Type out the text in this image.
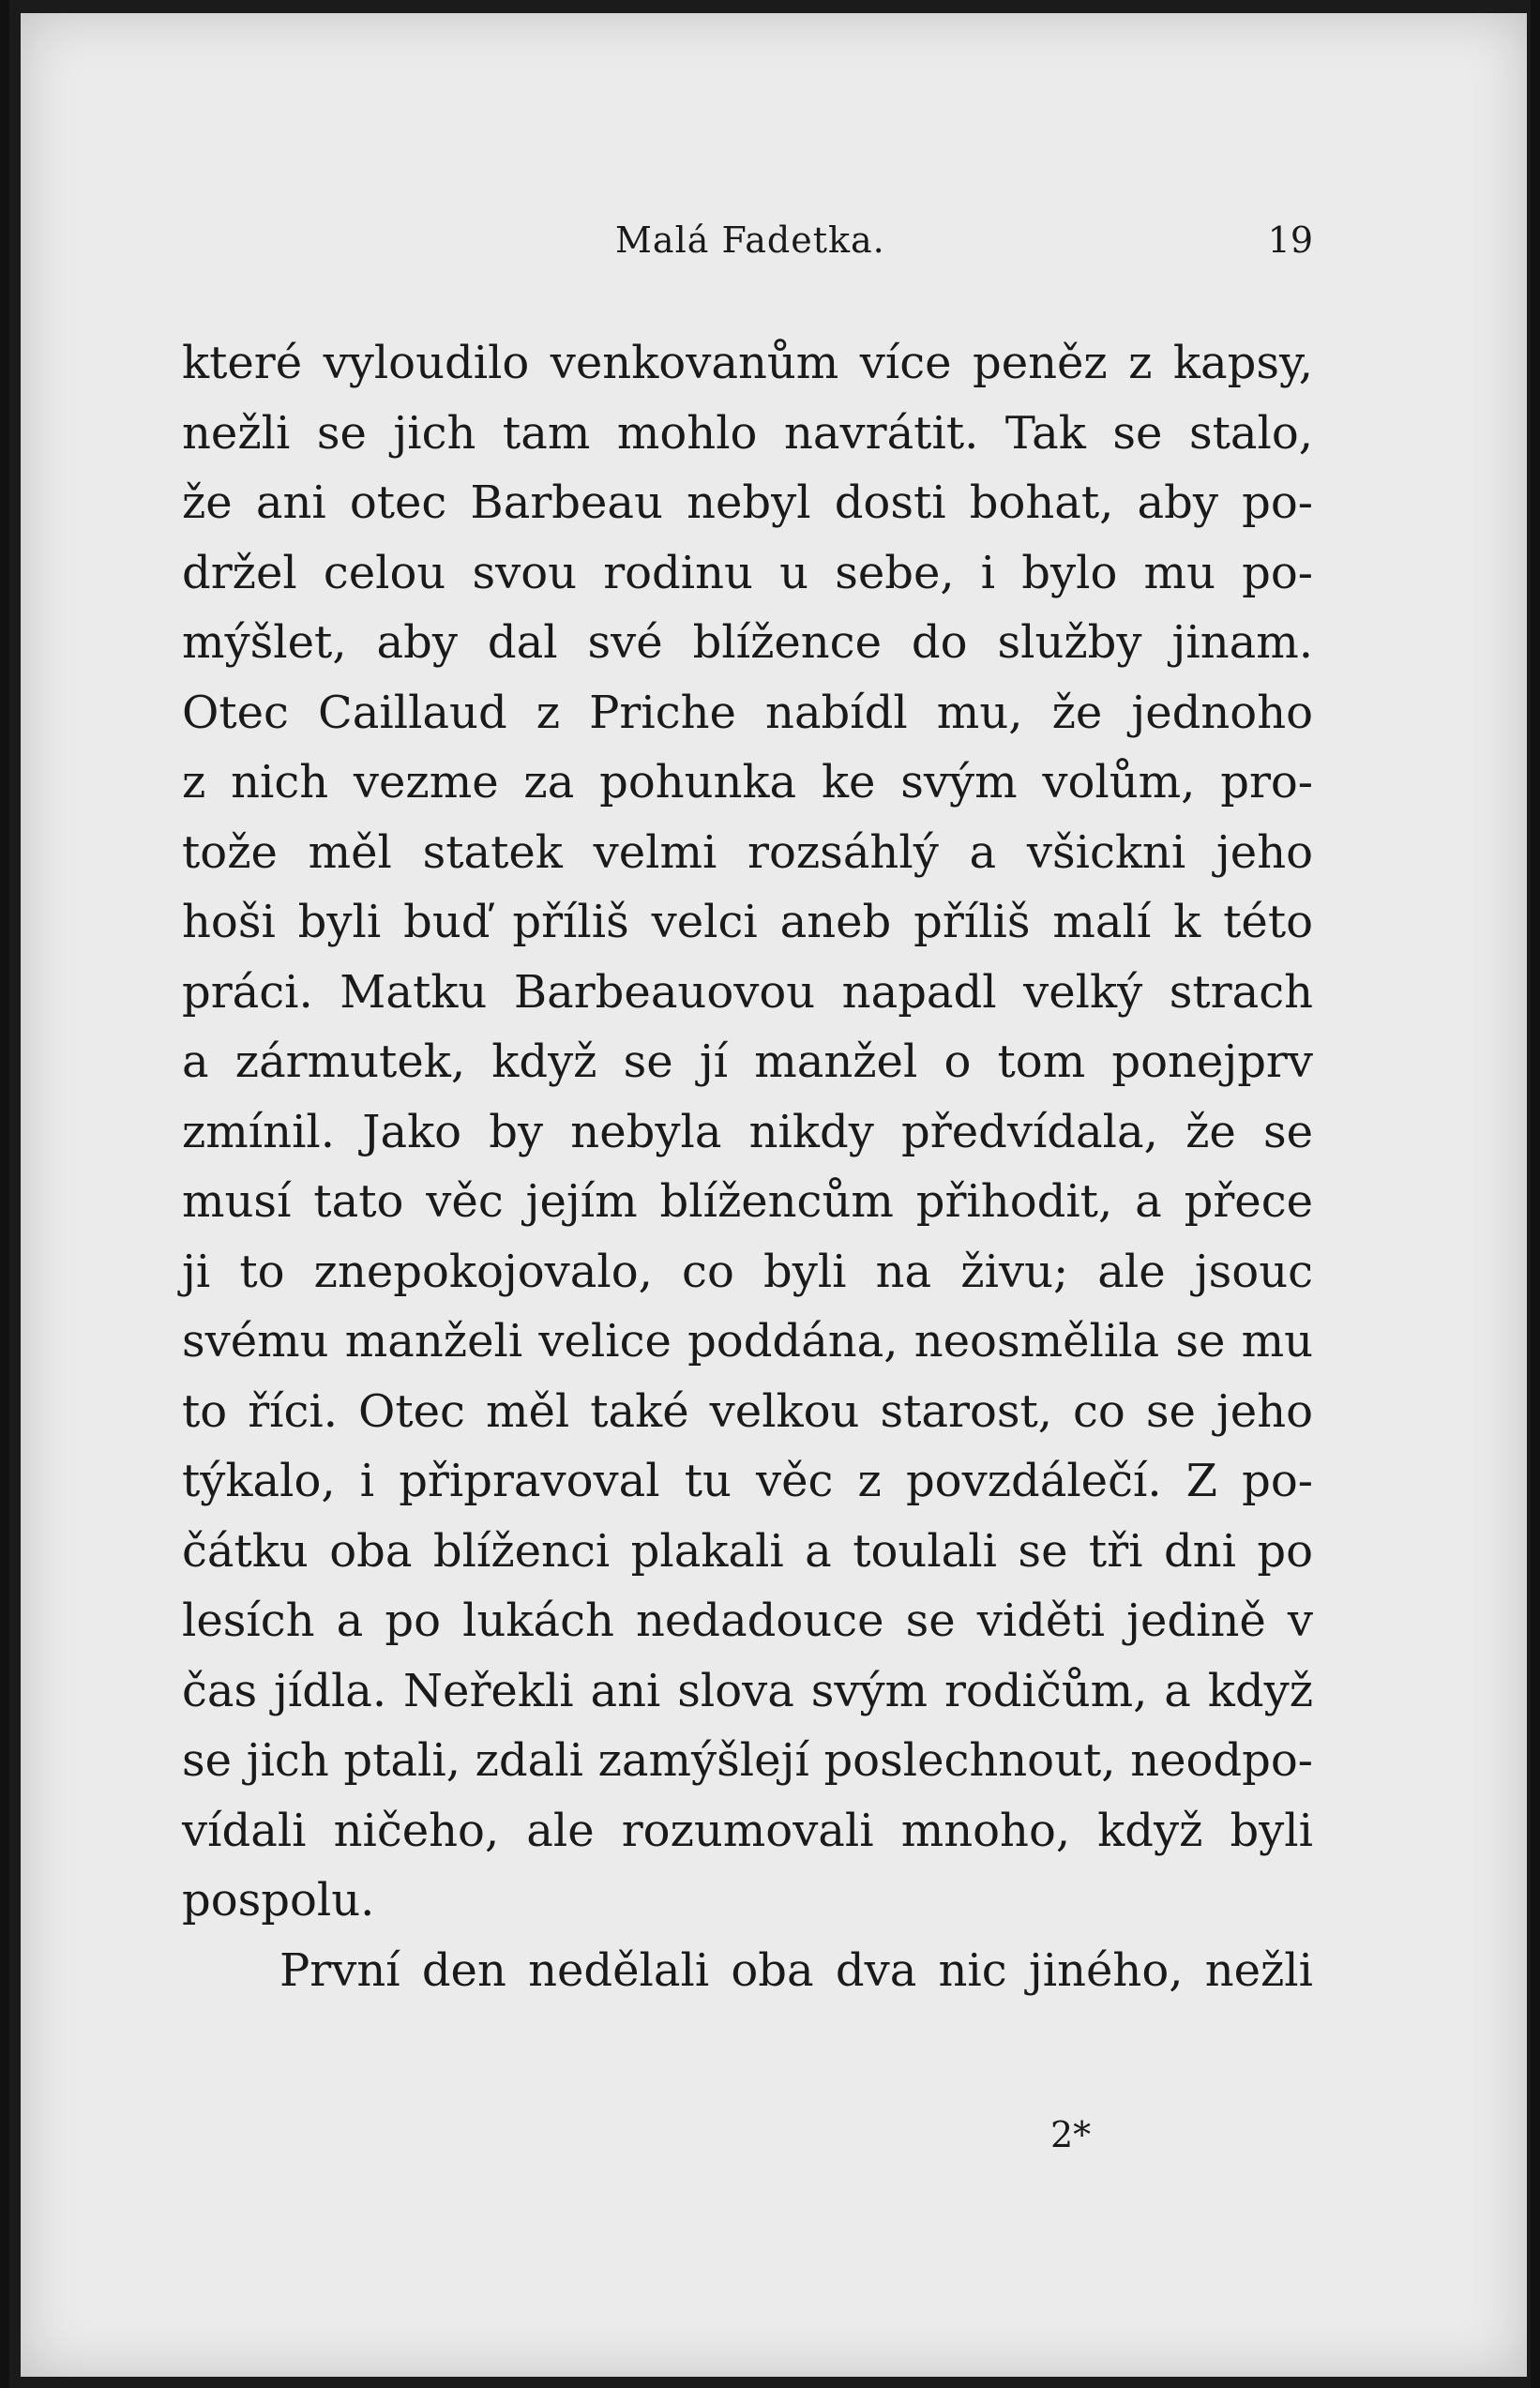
Malá Fadetka.	19
které vyloudilo venkovanům více peněz z kapsy,
nežli se jich tam mohlo navrátit. Tak se stalo,
že ani otec Barbeau nebyl dosti bohat, aby po-
držel celou svou rodinu u sebe, i bylo mu po-
mýšlet, aby dal své blížence do služby jinam.
Otec Caillaud z Priche nabídl mu, že jednoho
z nich vezme za pohunka ke svým volům, pro-
tože měl statek velmi rozsáhlý a všickni jeho
hoši byli buď příliš velci aneb příliš malí k této
práci. Matku Barbeauovou napadl velký strach
a zármutek, když se jí manžel o tom ponejprv
zmínil. Jako by nebyla nikdy předvídala, že se
musí tato věc jejím blížencům přihodit, a přece
ji to znepokojovalo, co byli na živu; ale jsouc
svému manželi velice poddána, neosmělila se mu
to říci. Otec měl také velkou starost, co se jeho
týkalo, i připravoval tu věc z povzdálečí. Z po-
čátku oba blíženci plakali a toulali se tři dni po
lesích a po lukách nedadouce se viděti jedině v
čas jídla. Neřekli ani slova svým rodičům, a když
se jich ptali, zdali zamýšlejí poslechnout, neodpo-
vídali ničeho, ale rozumovali mnoho, když byli
pospolu.
První den nedělali oba dva nic jiného, nežli
2*
